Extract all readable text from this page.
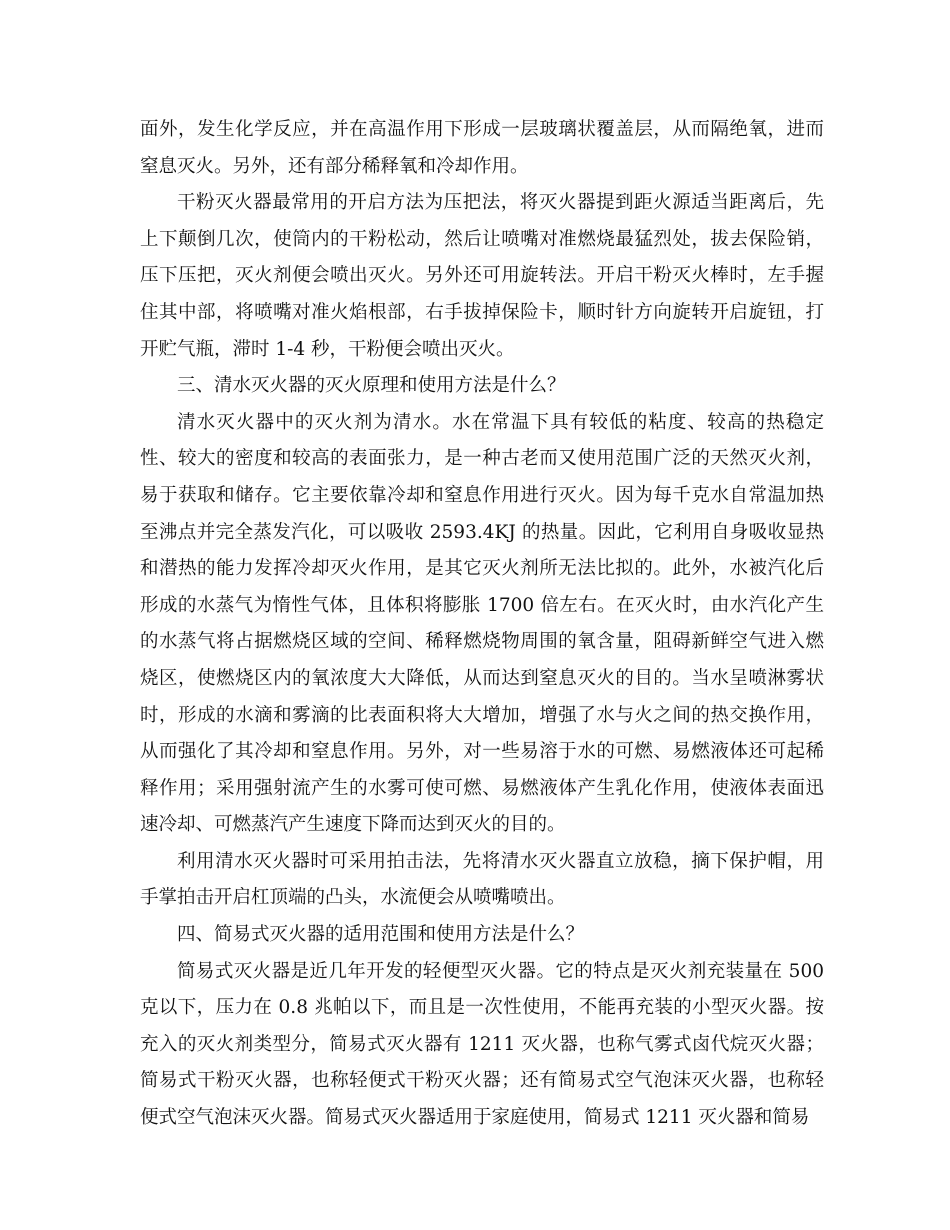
面外，发生化学反应，并在高温作用下形成一层玻璃状覆盖层，从而隔绝氧，进而窒息灭火。另外，还有部分稀释氧和冷却作用。

干粉灭火器最常用的开启方法为压把法，将灭火器提到距火源适当距离后，先上下颠倒几次，使筒内的干粉松动，然后让喷嘴对准燃烧最猛烈处，拔去保险销，压下压把，灭火剂便会喷出灭火。另外还可用旋转法。开启干粉灭火棒时，左手握住其中部，将喷嘴对准火焰根部，右手拔掉保险卡，顺时针方向旋转开启旋钮，打开贮气瓶，滞时 1-4 秒，干粉便会喷出灭火。

三、清水灭火器的灭火原理和使用方法是什么？

清水灭火器中的灭火剂为清水。水在常温下具有较低的粘度、较高的热稳定性、较大的密度和较高的表面张力，是一种古老而又使用范围广泛的天然灭火剂，易于获取和储存。它主要依靠冷却和窒息作用进行灭火。因为每千克水自常温加热至沸点并完全蒸发汽化，可以吸收 2593.4KJ 的热量。因此，它利用自身吸收显热和潜热的能力发挥冷却灭火作用，是其它灭火剂所无法比拟的。此外，水被汽化后形成的水蒸气为惰性气体，且体积将膨胀 1700 倍左右。在灭火时，由水汽化产生的水蒸气将占据燃烧区域的空间、稀释燃烧物周围的氧含量，阻碍新鲜空气进入燃烧区，使燃烧区内的氧浓度大大降低，从而达到窒息灭火的目的。当水呈喷淋雾状时，形成的水滴和雾滴的比表面积将大大增加，增强了水与火之间的热交换作用，从而强化了其冷却和窒息作用。另外，对一些易溶于水的可燃、易燃液体还可起稀释作用；采用强射流产生的水雾可使可燃、易燃液体产生乳化作用，使液体表面迅速冷却、可燃蒸汽产生速度下降而达到灭火的目的。

利用清水灭火器时可采用拍击法，先将清水灭火器直立放稳，摘下保护帽，用手掌拍击开启杠顶端的凸头，水流便会从喷嘴喷出。

四、简易式灭火器的适用范围和使用方法是什么？

简易式灭火器是近几年开发的轻便型灭火器。它的特点是灭火剂充装量在 500 克以下，压力在 0.8 兆帕以下，而且是一次性使用，不能再充装的小型灭火器。按充入的灭火剂类型分，简易式灭火器有 1211 灭火器，也称气雾式卤代烷灭火器；简易式干粉灭火器，也称轻便式干粉灭火器；还有简易式空气泡沫灭火器，也称轻便式空气泡沫灭火器。简易式灭火器适用于家庭使用，简易式 1211 灭火器和简易
